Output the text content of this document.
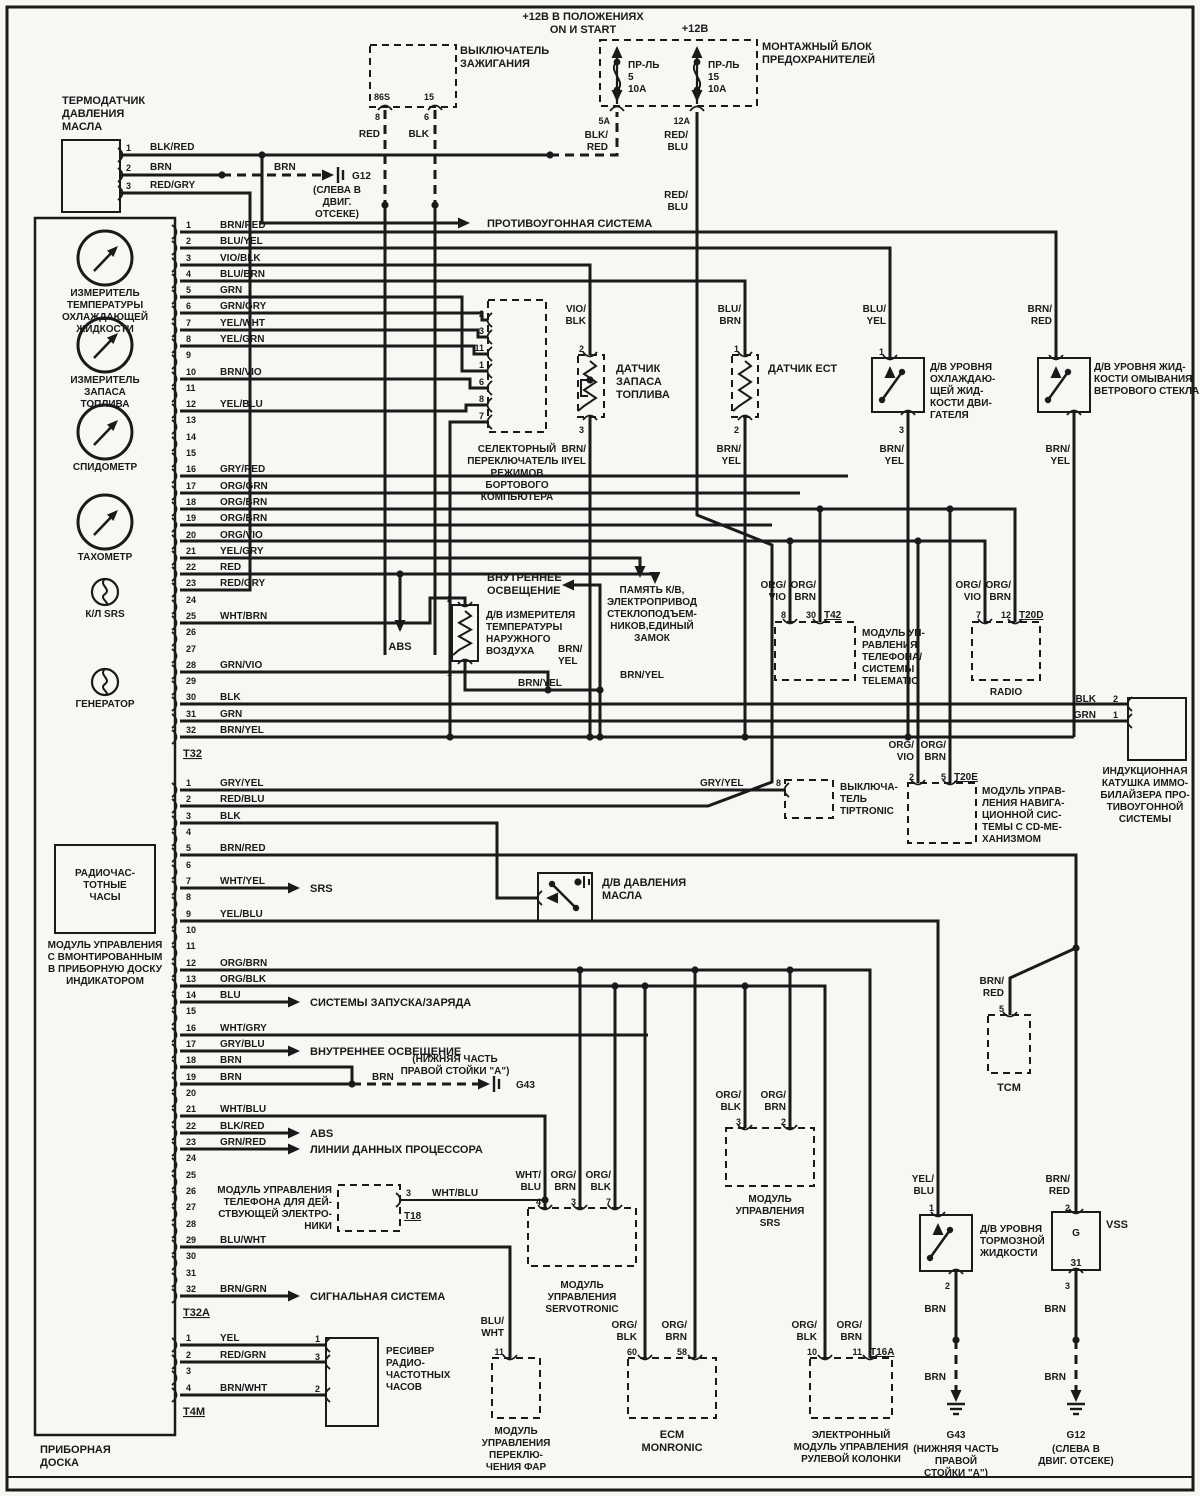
1	BRN/RED
2	BLU/YEL
3	VIO/BLK
4	BLU/BRN
5	GRN
6	GRN/GRY
7	YEL/WHT
8	YEL/GRN
9
10 BRN/VIO
11
12 YEL/BLU
13
14
15
16 GRY/RED
17 ORG/GRN
18 ORG/BRN
19 ORG/BRN
20 ORG/VIO
21 YEL/GRY
22 RED
23 RED/GRY
24
25 WHT/BRN
26
27
28 GRN/VIO
29
30 BLK
31 GRN
32 BRN/YEL
1	GRY/YEL
2	RED/BLU
3	BLK
4
5	BRN/RED
6
7	WHT/YEL
8
9	YEL/BLU
10
11
12 ORG/BRN
13 ORG/BLK
14 BLU
15
16 WHT/GRY
17 GRY/BLU
18 BRN
19 BRN
20
21 WHT/BLU
22 BLK/RED
23 GRN/RED
24
25
26
27
28
29 BLU/WHT
30
31
32 BRN/GRN
1	YEL
2	RED/GRN
3
4	BRN/WHT
+12В В ПОЛОЖЕНИЯХ ON И START	+12В
ВЫКЛЮЧАТЕЛЬ ЗАЖИГАНИЯ
МОНТАЖНЫЙ БЛОК ПРЕДОХРАНИТЕЛЕЙ
ПР-ЛЬ 5 10А
ПР-ЛЬ 15 10А
86S	15
8	6
RED	BLK
5А	12А
BLK/ RED
RED/ BLU
RED/ BLU
ТЕРМОДАТЧИК ДАВЛЕНИЯ МАСЛА
1
2
3
BLK/RED
BRN
RED/GRY
BRN
G12
(СЛЕВА В ДВИГ. ОТСЕКЕ)
ПРОТИВОУГОННАЯ СИСТЕМА
ИЗМЕРИТЕЛЬ ТЕМПЕРАТУРЫ ОХЛАЖДАЮЩЕЙ ЖИДКОСТИ
ИЗМЕРИТЕЛЬ ЗАПАСА ТОПЛИВА
СПИДОМЕТР
ТАХОМЕТР
К/Л SRS
ГЕНЕРАТОР
РАДИОЧАС-ТОТНЫЕ ЧАСЫ
МОДУЛЬ УПРАВЛЕНИЯ С ВМОНТИРОВАННЫМ В ПРИБОРНУЮ ДОСКУ ИНДИКАТОРОМ
ПРИБОРНАЯ ДОСКА
T32
T32A
T4M
СЕЛЕКТОРНЫЙ ПЕРЕКЛЮЧАТЕЛЬ II РЕЖИМОВ БОРТОВОГО КОМПЬЮТЕРА
2
3
11
1
6
8
7
VIO/ BLK
2
3
BRN/ YEL
ДАТЧИК ЗАПАСА ТОПЛИВА
BLU/ BRN
1
2
BRN/ YEL
ДАТЧИК ЕСТ
BLU/ YEL
1
3
BRN/ YEL
Д/В УРОВНЯ ОХЛАЖДАЮ-ЩЕЙ ЖИД-КОСТИ ДВИ-ГАТЕЛЯ
BRN/ RED
BRN/ YEL
Д/В УРОВНЯ ЖИД-КОСТИ ОМЫВАНИЯ ВЕТРОВОГО СТЕКЛА
ABS
ВНУТРЕННЕЕ ОСВЕЩЕНИЕ
2
1
Д/В ИЗМЕРИТЕЛЯ ТЕМПЕРАТУРЫ НАРУЖНОГО ВОЗДУХА	BRN/ YEL
ПАМЯТЬ К/В, ЭЛЕКТРОПРИВОД СТЕКЛОПОДЪЕМ-НИКОВ,ЕДИНЫЙ ЗАМОК
BRN/YEL
BRN/YEL
ORG/ VIO
ORG/ BRN
8 30 T42
МОДУЛЬ УП-РАВЛЕНИЯ ТЕЛЕФОНА/ СИСТЕМЫ TELEMATIC
ORG/ VIO
ORG/ BRN
7 12 T20D
RADIO
BLK 2
GRN 1
ИНДУКЦИОННАЯ КАТУШКА ИММО-БИЛАЙЗЕРА ПРО-ТИВОУГОННОЙ СИСТЕМЫ
GRY/YEL	8	ВЫКЛЮЧА-ТЕЛЬ TIPTRONIC
ORG/ VIO
ORG/ BRN
2	5 T20E
МОДУЛЬ УПРАВ-ЛЕНИЯ НАВИГА-ЦИОННОЙ СИС-ТЕМЫ С CD-МЕ-ХАНИЗМОМ
Д/В ДАВЛЕНИЯ МАСЛА
SRS
СИСТЕМЫ ЗАПУСКА/ЗАРЯДА
ВНУТРЕННЕЕ ОСВЕЩЕНИЕ
(НИЖНЯЯ ЧАСТЬ ПРАВОЙ СТОЙКИ "А")
BRN
G43
ABS
ЛИНИИ ДАННЫХ ПРОЦЕССОРА
МОДУЛЬ УПРАВЛЕНИЯ ТЕЛЕФОНА ДЛЯ ДЕЙ-СТВУЮЩЕЙ ЭЛЕКТРО-НИКИ
3 WHT/BLU
T18
СИГНАЛЬНАЯ СИСТЕМА
BRN/ RED
5
TCM
WHT/ BLU
ORG/ BRN
ORG/ BLK
4	3	7
МОДУЛЬ УПРАВЛЕНИЯ SERVOTRONIC
ORG/ BLK
ORG/ BRN
3	2
МОДУЛЬ УПРАВЛЕНИЯ SRS
YEL/ BLU
1
Д/В УРОВНЯ ТОРМОЗНОЙ ЖИДКОСТИ
2
BRN
BRN
G43
(НИЖНЯЯ ЧАСТЬ ПРАВОЙ СТОЙКИ "А")
BRN/ RED
2
VSS
G
31
3
BRN
BRN
G12
(СЛЕВА В ДВИГ. ОТСЕКЕ)
BLU/ WHT
11
МОДУЛЬ УПРАВЛЕНИЯ ПЕРЕКЛЮ-ЧЕНИЯ ФАР
ORG/ BLK
ORG/ BRN
60	58
ECM MONRONIC
ORG/ BLK
ORG/ BRN
10	11 T16A
ЭЛЕКТРОННЫЙ МОДУЛЬ УПРАВЛЕНИЯ РУЛЕВОЙ КОЛОНКИ
РЕСИВЕР РАДИО-ЧАСТОТНЫХ ЧАСОВ
1
3
2
